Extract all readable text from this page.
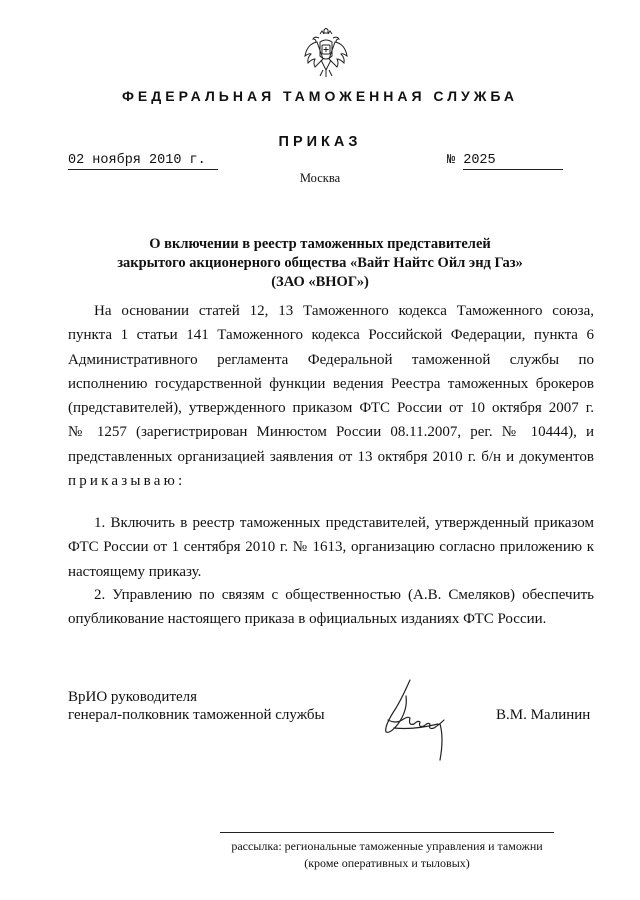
ФЕДЕРАЛЬНАЯ ТАМОЖЕННАЯ СЛУЖБА
ПРИКАЗ
02 ноября 2010 г.	№ 2025
Москва
О включении в реестр таможенных представителей
закрытого акционерного общества «Вайт Найтс Ойл энд Газ»
(ЗАО «ВНОГ»)
На основании статей 12, 13 Таможенного кодекса Таможенного союза,
пункта 1 статьи 141 Таможенного кодекса Российской Федерации, пункта 6
Административного регламента Федеральной таможенной службы по
исполнению государственной функции ведения Реестра таможенных брокеров
(представителей), утвержденного приказом ФТС России от 10 октября 2007 г.
№ 1257 (зарегистрирован Минюстом России 08.11.2007, рег. № 10444), и
представленных организацией заявления от 13 октября 2010 г. б/н и документов
приказываю:
1. Включить в реестр таможенных представителей, утвержденный приказом
ФТС России от 1 сентября 2010 г. № 1613, организацию согласно приложению к
настоящему приказу.
2. Управлению по связям с общественностью (А.В. Смеляков) обеспечить
опубликование настоящего приказа в официальных изданиях ФТС России.
ВрИО руководителя
генерал-полковник таможенной службы	В.М. Малинин
рассылка: региональные таможенные управления и таможни
(кроме оперативных и тыловых)
